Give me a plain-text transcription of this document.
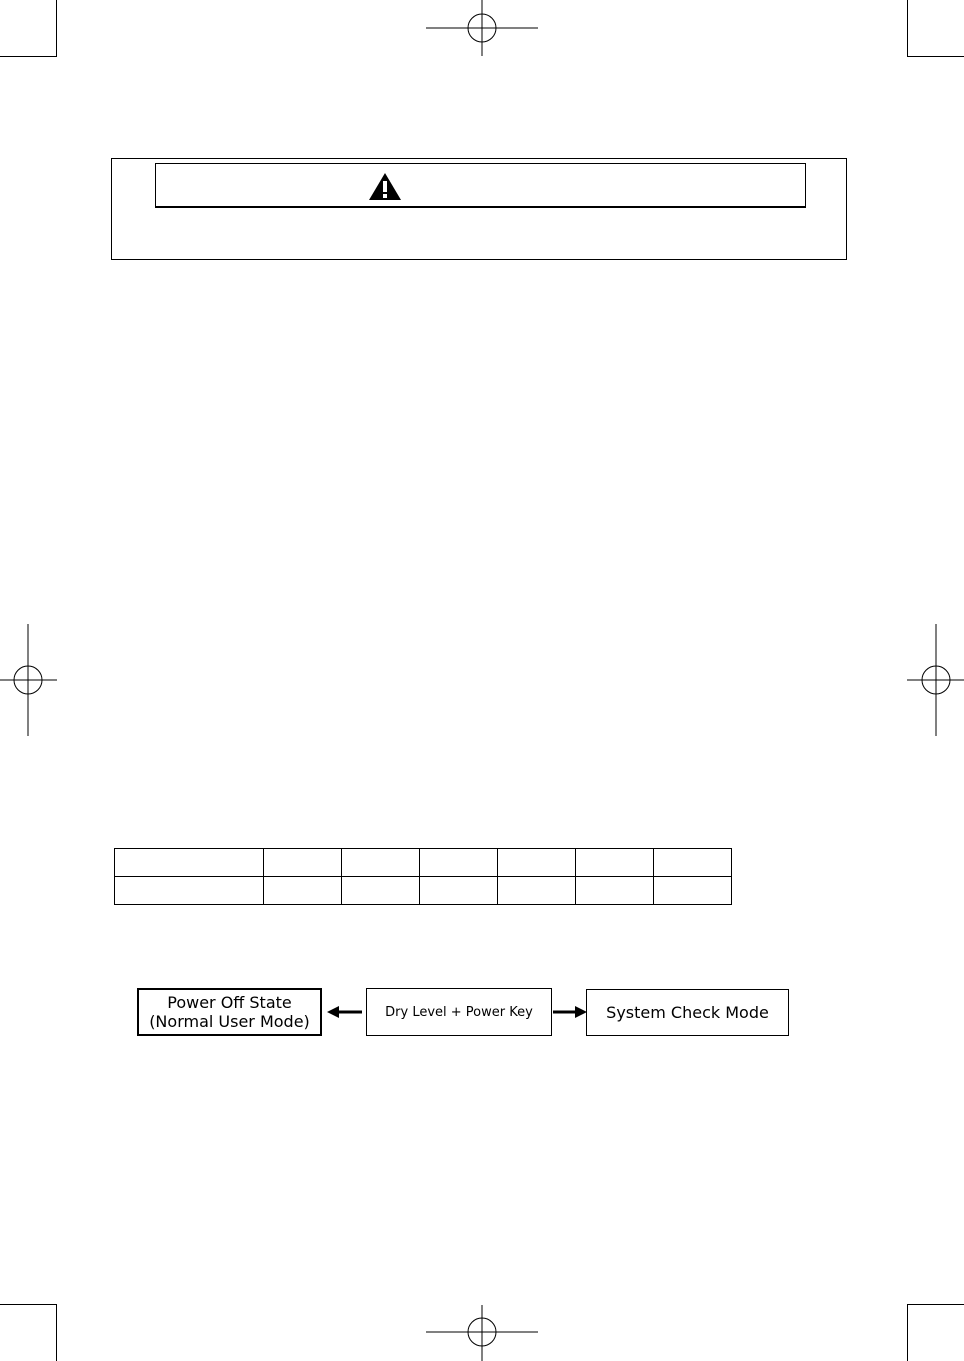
Power Off State
(Normal User Mode)	Dry Level + Power Key	System Check Mode
